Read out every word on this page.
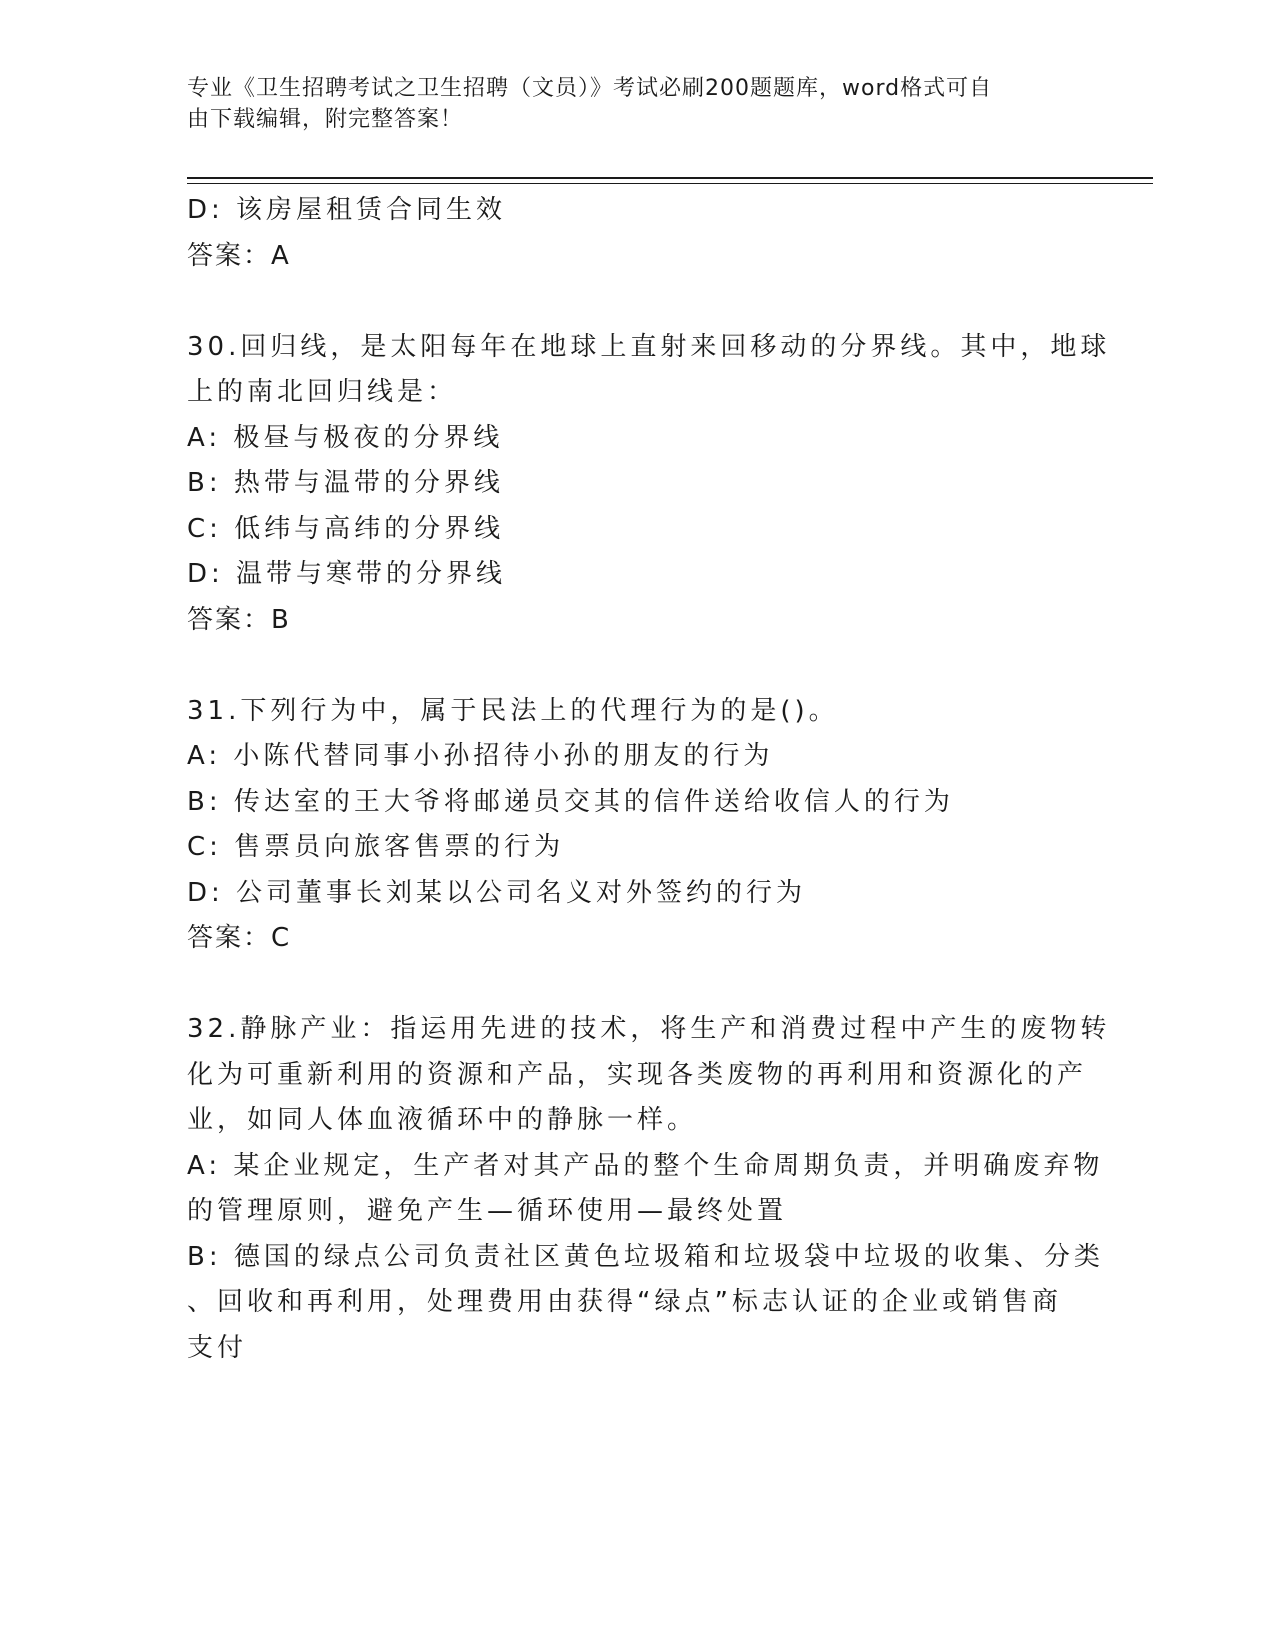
专业《卫生招聘考试之卫生招聘（文员）》考试必刷200题题库，word格式可自
由下载编辑，附完整答案！
D: 该房屋租赁合同生效
答案：A
30.回归线，是太阳每年在地球上直射来回移动的分界线。其中，地球
上的南北回归线是：
A: 极昼与极夜的分界线
B: 热带与温带的分界线
C: 低纬与高纬的分界线
D: 温带与寒带的分界线
答案：B
31.下列行为中，属于民法上的代理行为的是()。
A: 小陈代替同事小孙招待小孙的朋友的行为
B: 传达室的王大爷将邮递员交其的信件送给收信人的行为
C: 售票员向旅客售票的行为
D: 公司董事长刘某以公司名义对外签约的行为
答案：C
32.静脉产业：指运用先进的技术，将生产和消费过程中产生的废物转
化为可重新利用的资源和产品，实现各类废物的再利用和资源化的产
业，如同人体血液循环中的静脉一样。
A: 某企业规定，生产者对其产品的整个生命周期负责，并明确废弃物
的管理原则，避免产生—循环使用—最终处置
B: 德国的绿点公司负责社区黄色垃圾箱和垃圾袋中垃圾的收集、分类
、回收和再利用，处理费用由获得“绿点”标志认证的企业或销售商
支付
